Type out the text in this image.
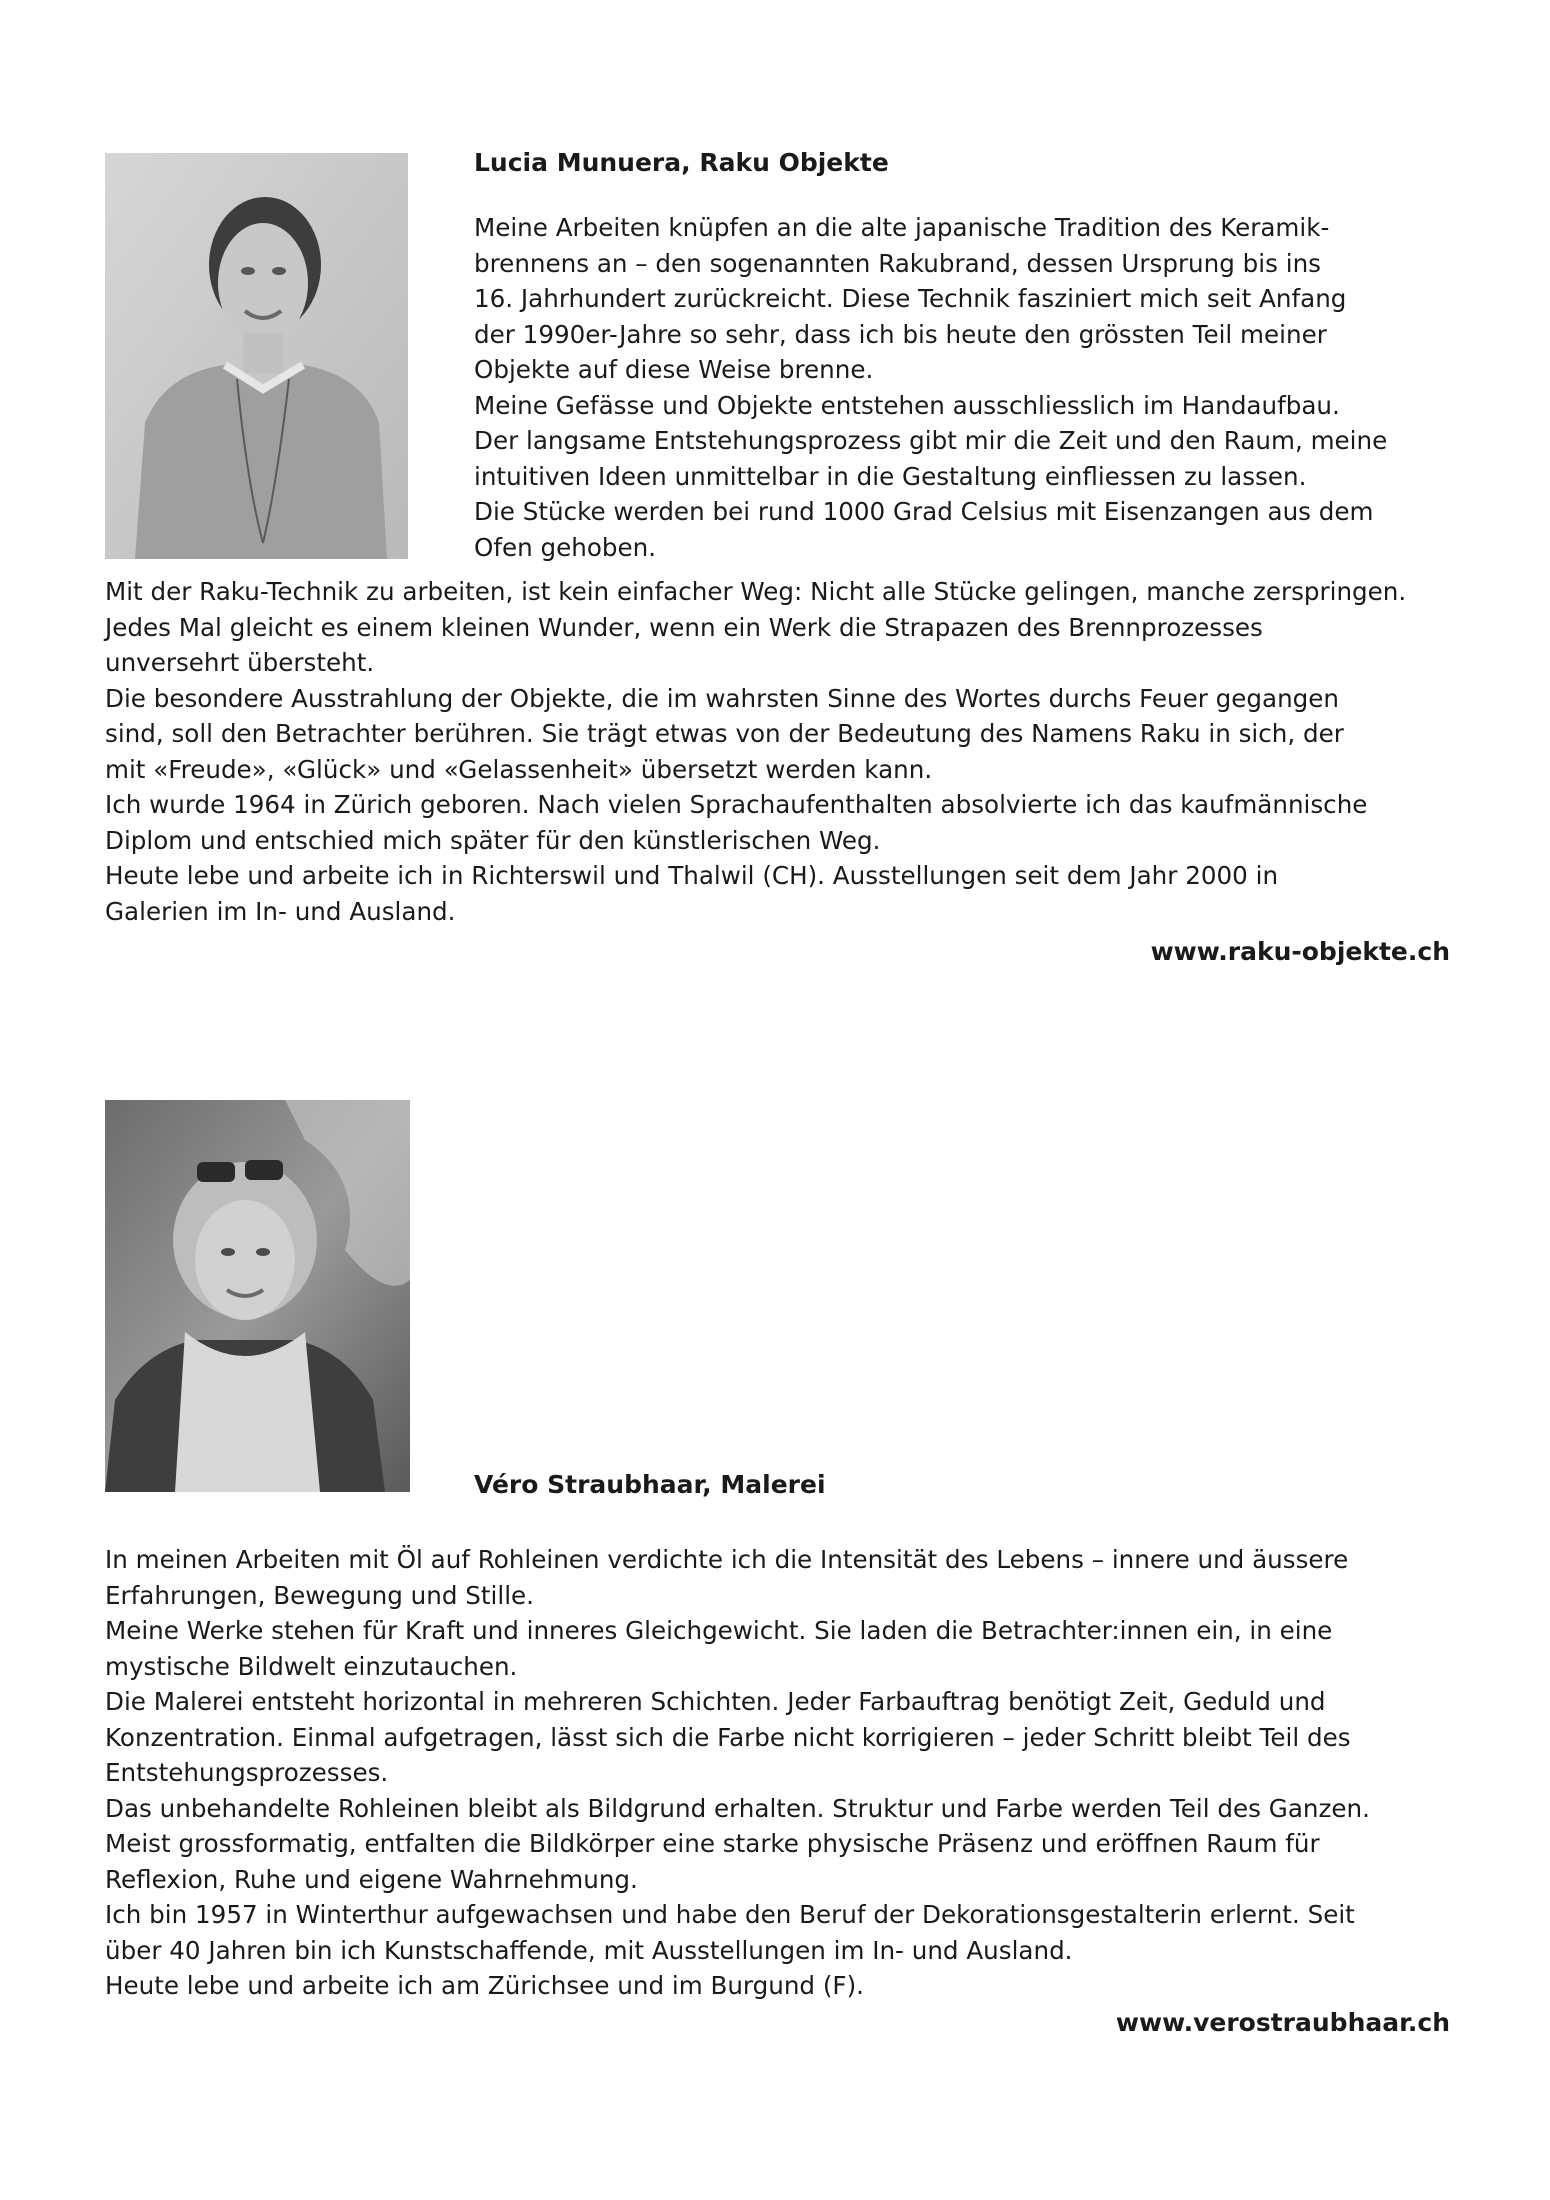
Lucia Munuera, Raku Objekte
Meine Arbeiten knüpfen an die alte japanische Tradition des Keramik-
brennens an – den sogenannten Rakubrand, dessen Ursprung bis ins
16. Jahrhundert zurückreicht. Diese Technik fasziniert mich seit Anfang
der 1990er-Jahre so sehr, dass ich bis heute den grössten Teil meiner
Objekte auf diese Weise brenne.
Meine Gefässe und Objekte entstehen ausschliesslich im Handaufbau.
Der langsame Entstehungsprozess gibt mir die Zeit und den Raum, meine
intuitiven Ideen unmittelbar in die Gestaltung einfliessen zu lassen.
Die Stücke werden bei rund 1000 Grad Celsius mit Eisenzangen aus dem
Ofen gehoben.
Mit der Raku-Technik zu arbeiten, ist kein einfacher Weg: Nicht alle Stücke gelingen, manche zerspringen.
Jedes Mal gleicht es einem kleinen Wunder, wenn ein Werk die Strapazen des Brennprozesses
unversehrt übersteht.
Die besondere Ausstrahlung der Objekte, die im wahrsten Sinne des Wortes durchs Feuer gegangen
sind, soll den Betrachter berühren. Sie trägt etwas von der Bedeutung des Namens Raku in sich, der
mit «Freude», «Glück» und «Gelassenheit» übersetzt werden kann.
Ich wurde 1964 in Zürich geboren. Nach vielen Sprachaufenthalten absolvierte ich das kaufmännische
Diplom und entschied mich später für den künstlerischen Weg.
Heute lebe und arbeite ich in Richterswil und Thalwil (CH). Ausstellungen seit dem Jahr 2000 in
Galerien im In- und Ausland.
www.raku-objekte.ch
Véro Straubhaar, Malerei
In meinen Arbeiten mit Öl auf Rohleinen verdichte ich die Intensität des Lebens – innere und äussere
Erfahrungen, Bewegung und Stille.
Meine Werke stehen für Kraft und inneres Gleichgewicht. Sie laden die Betrachter:innen ein, in eine
mystische Bildwelt einzutauchen.
Die Malerei entsteht horizontal in mehreren Schichten. Jeder Farbauftrag benötigt Zeit, Geduld und
Konzentration. Einmal aufgetragen, lässt sich die Farbe nicht korrigieren – jeder Schritt bleibt Teil des
Entstehungsprozesses.
Das unbehandelte Rohleinen bleibt als Bildgrund erhalten. Struktur und Farbe werden Teil des Ganzen.
Meist grossformatig, entfalten die Bildkörper eine starke physische Präsenz und eröffnen Raum für
Reflexion, Ruhe und eigene Wahrnehmung.
Ich bin 1957 in Winterthur aufgewachsen und habe den Beruf der Dekorationsgestalterin erlernt. Seit
über 40 Jahren bin ich Kunstschaffende, mit Ausstellungen im In- und Ausland.
Heute lebe und arbeite ich am Zürichsee und im Burgund (F).
www.verostraubhaar.ch
